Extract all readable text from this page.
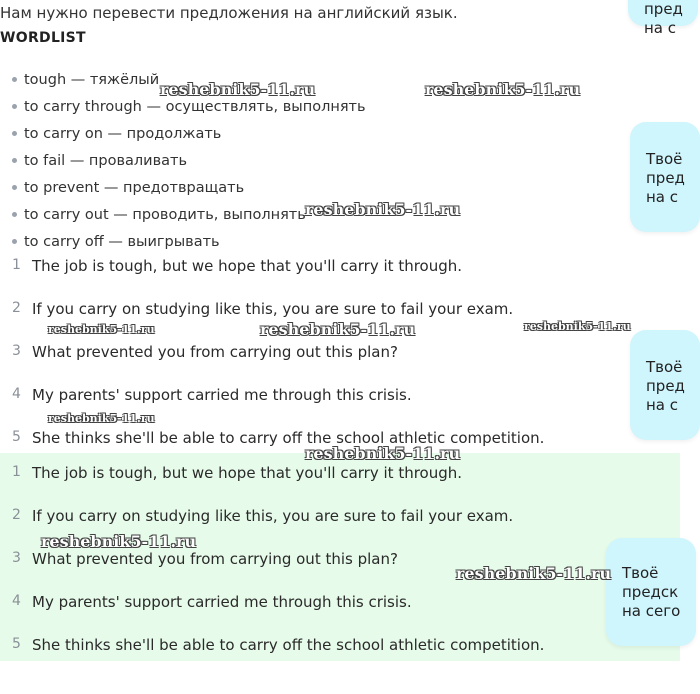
Нам нужно перевести предложения на английский язык.
WORDLIST
tough — тяжёлый
to carry through — осуществлять, выполнять
to carry on — продолжать
to fail — проваливать
to prevent — предотвращать
to carry out — проводить, выполнять
to carry off — выигрывать
1 The job is tough, but we hope that you'll carry it through.
2 If you carry on studying like this, you are sure to fail your exam.
3 What prevented you from carrying out this plan?
4 My parents' support carried me through this crisis.
5 She thinks she'll be able to carry off the school athletic competition.
1 The job is tough, but we hope that you'll carry it through.
2 If you carry on studying like this, you are sure to fail your exam.
3 What prevented you from carrying out this plan?
4 My parents' support carried me through this crisis.
5 She thinks she'll be able to carry off the school athletic competition.
пред
на с
Твоё
пред
на с
Твоё
пред
на с
Твоё
предск
на сего
reshebnik5-11.ru	reshebnik5-11.ru
reshebnik5-11.ru
reshebnik5-11.ru	reshebnik5-11.ru	reshebnik5-11.ru
reshebnik5-11.ru
reshebnik5-11.ru
reshebnik5-11.ru
reshebnik5-11.ru
